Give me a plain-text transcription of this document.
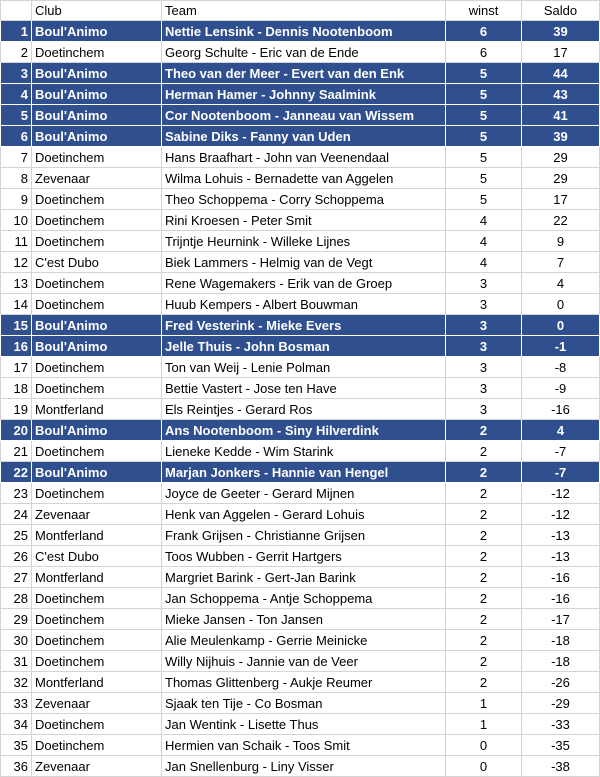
	Club	Team	winst	Saldo
1	Boul'Animo	Nettie Lensink - Dennis Nootenboom	6	39
2	Doetinchem	Georg Schulte - Eric van de Ende	6	17
3	Boul'Animo	Theo van der Meer - Evert van den Enk	5	44
4	Boul'Animo	Herman Hamer - Johnny Saalmink	5	43
5	Boul'Animo	Cor Nootenboom - Janneau van Wissem	5	41
6	Boul'Animo	Sabine Diks - Fanny van Uden	5	39
7	Doetinchem	Hans Braafhart - John van Veenendaal	5	29
8	Zevenaar	Wilma Lohuis - Bernadette van Aggelen	5	29
9	Doetinchem	Theo Schoppema - Corry Schoppema	5	17
10	Doetinchem	Rini Kroesen - Peter Smit	4	22
11	Doetinchem	Trijntje Heurnink - Willeke Lijnes	4	9
12	C'est Dubo	Biek Lammers - Helmig van de Vegt	4	7
13	Doetinchem	Rene Wagemakers - Erik van de Groep	3	4
14	Doetinchem	Huub Kempers - Albert Bouwman	3	0
15	Boul'Animo	Fred Vesterink - Mieke Evers	3	0
16	Boul'Animo	Jelle Thuis - John Bosman	3	-1
17	Doetinchem	Ton van Weij - Lenie Polman	3	-8
18	Doetinchem	Bettie Vastert - Jose ten Have	3	-9
19	Montferland	Els Reintjes - Gerard Ros	3	-16
20	Boul'Animo	Ans Nootenboom - Siny Hilverdink	2	4
21	Doetinchem	Lieneke Kedde - Wim Starink	2	-7
22	Boul'Animo	Marjan Jonkers - Hannie van Hengel	2	-7
23	Doetinchem	Joyce de Geeter - Gerard Mijnen	2	-12
24	Zevenaar	Henk van Aggelen - Gerard Lohuis	2	-12
25	Montferland	Frank Grijsen - Christianne Grijsen	2	-13
26	C'est Dubo	Toos Wubben - Gerrit Hartgers	2	-13
27	Montferland	Margriet Barink - Gert-Jan Barink	2	-16
28	Doetinchem	Jan Schoppema - Antje Schoppema	2	-16
29	Doetinchem	Mieke Jansen - Ton Jansen	2	-17
30	Doetinchem	Alie Meulenkamp - Gerrie Meinicke	2	-18
31	Doetinchem	Willy Nijhuis - Jannie van de Veer	2	-18
32	Montferland	Thomas Glittenberg - Aukje Reumer	2	-26
33	Zevenaar	Sjaak ten Tije - Co Bosman	1	-29
34	Doetinchem	Jan Wentink - Lisette Thus	1	-33
35	Doetinchem	Hermien van Schaik - Toos Smit	0	-35
36	Zevenaar	Jan Snellenburg - Liny Visser	0	-38
